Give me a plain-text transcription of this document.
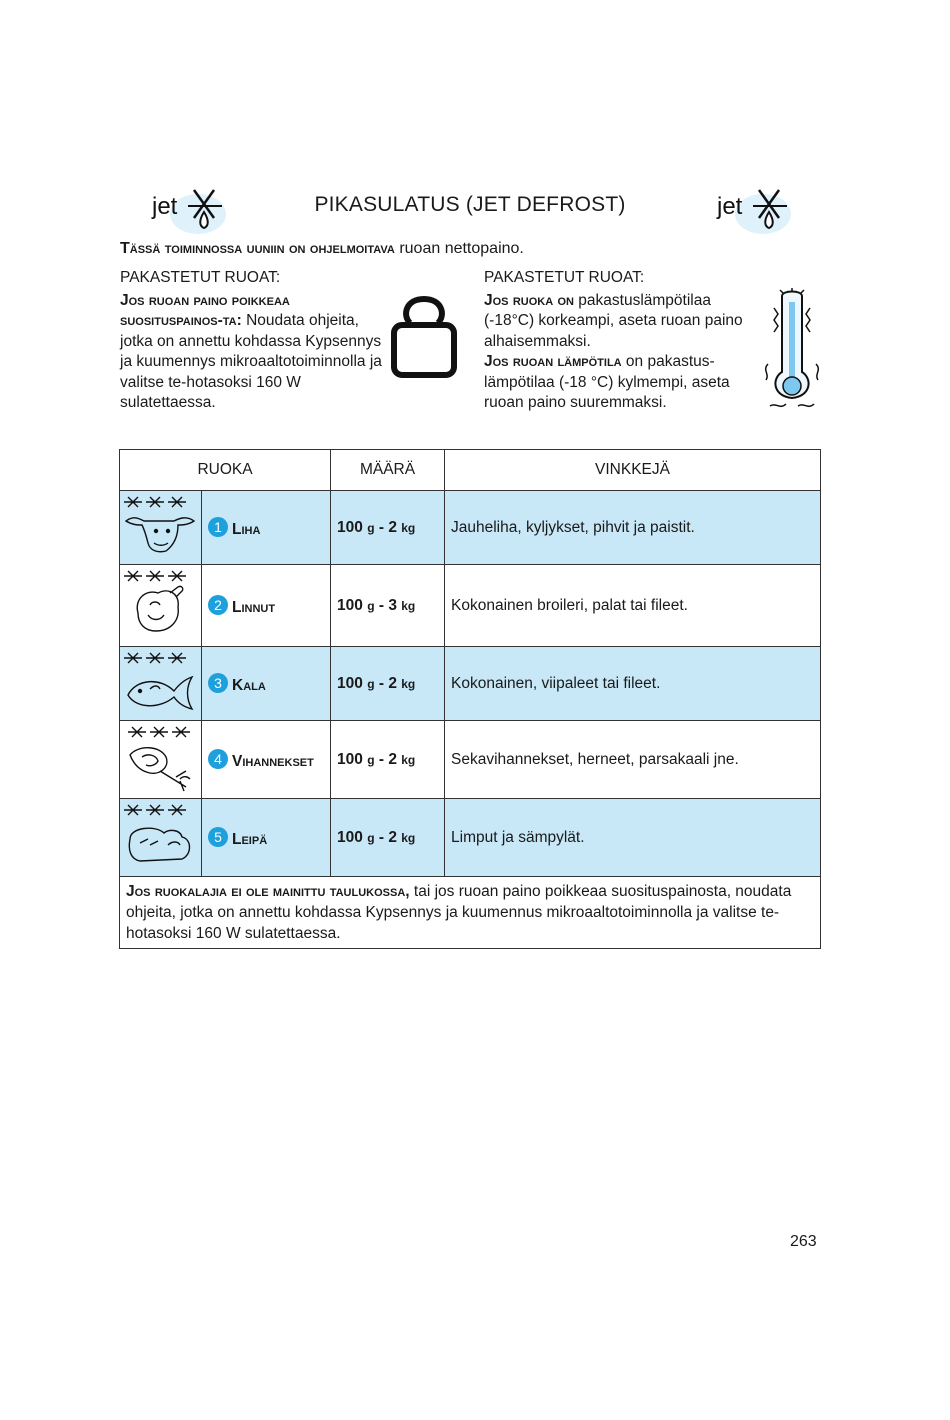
jet	PIKASULATUS (JET DEFROST)	jet
Tässä toiminnossa uuniin on ohjelmoitava ruoan nettopaino.
PAKASTETUT RUOAT:
Jos ruoan paino poikkeaa suosituspainos-ta: Noudata ohjeita, jotka on annettu kohdassa Kypsennys ja kuumennys mikroaaltotoiminnolla ja valitse te-hotasoksi 160 W sulatettaessa.
PAKASTETUT RUOAT:
Jos ruoka on pakastuslämpötilaa (-18°C) korkeampi, aseta ruoan paino alhaisemmaksi.
Jos ruoan lämpötila on pakastus-lämpötilaa (-18 °C) kylmempi, aseta ruoan paino suuremmaksi.
RUOKA		MÄÄRÄ	VINKKEJÄ
	1 Liha	100 g - 2 kg	Jauheliha, kyljykset, pihvit ja paistit.
	2 Linnut	100 g - 3 kg	Kokonainen broileri, palat tai fileet.
	3 Kala	100 g - 2 kg	Kokonainen, viipaleet tai fileet.
	4 Vihannekset	100 g - 2 kg	Sekavihannekset, herneet, parsakaali jne.
	5 Leipä	100 g - 2 kg	Limput ja sämpylät.
Jos ruokalajia ei ole mainittu taulukossa, tai jos ruoan paino poikkeaa suosituspainosta, noudata ohjeita, jotka on annettu kohdassa Kypsennys ja kuumennus mikroaaltotoiminnolla ja valitse te-hotasoksi 160 W sulatettaessa.			
263
